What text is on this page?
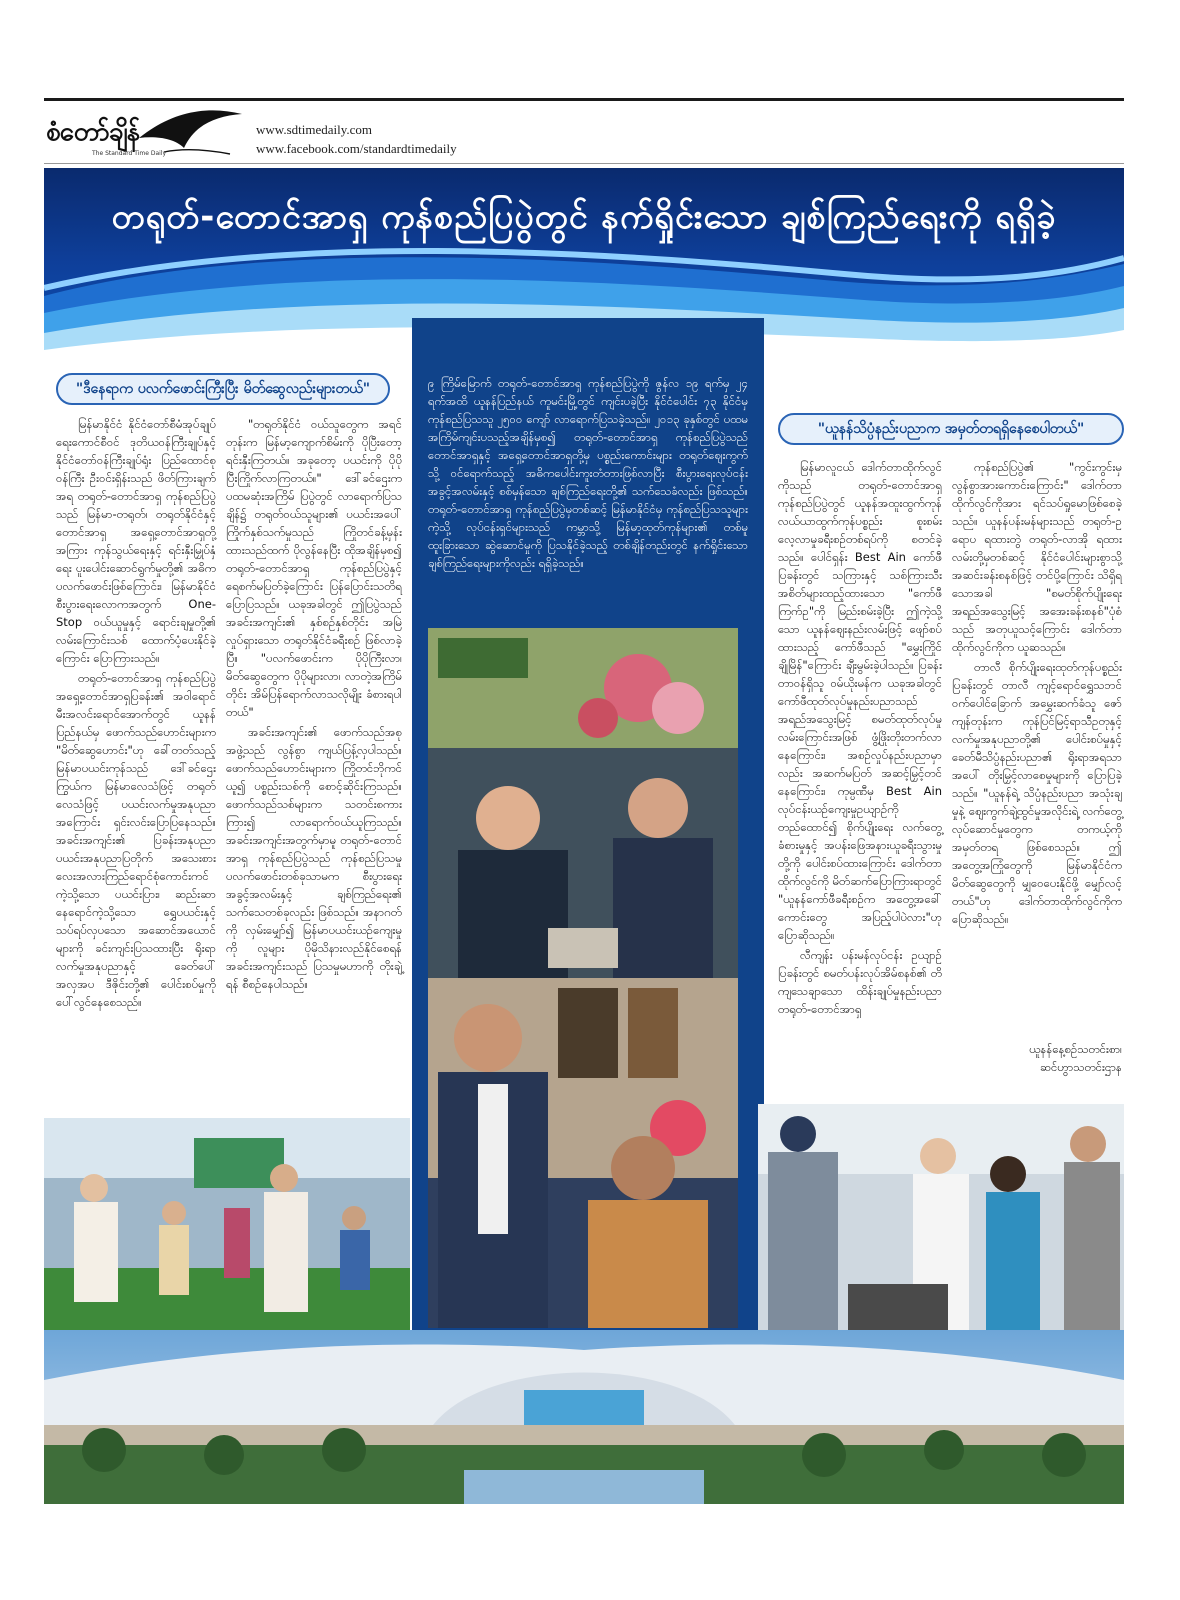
စံတော်ချိန်
The Standard Time Daily
www.sdtimedaily.com
www.facebook.com/standardtimedaily
တရုတ်-တောင်အာရှ ကုန်စည်ပြပွဲတွင် နက်ရှိုင်းသော ချစ်ကြည်ရေးကို ရရှိခဲ့
၉ ကြိမ်မြောက် တရုတ်-တောင်အာရှ ကုန်စည်ပြပွဲကို ဇွန်လ ၁၉ ရက်မှ ၂၄ ရက်အထိ ယူနန်ပြည်နယ် ကူမင်းမြို့တွင် ကျင်းပခဲ့ပြီး နိုင်ငံပေါင်း ၇၃ နိုင်ငံမှ ကုန်စည်ပြသသူ ၂၅၀၀ ကျော် လာရောက်ပြသခဲ့သည်။ ၂၀၁၃ ခုနှစ်တွင် ပထမအကြိမ်ကျင်းပသည့်အချိန်မှစ၍ တရုတ်-တောင်အာရှ ကုန်စည်ပြပွဲသည် တောင်အာရှနှင့် အရှေ့တောင်အာရှတို့မှ ပစ္စည်းကောင်းများ တရုတ်ဈေးကွက်သို့ ဝင်ရောက်သည့် အဓိကပေါင်းကူးတံတားဖြစ်လာပြီး စီးပွားရေးလုပ်ငန်း အခွင့်အလမ်းနှင့် စစ်မှန်သော ချစ်ကြည်ရေးတို့၏ သက်သေခံလည်း ဖြစ်သည်။ တရုတ်-တောင်အာရှ ကုန်စည်ပြပွဲမှတစ်ဆင့် မြန်မာနိုင်ငံမှ ကုန်စည်ပြသသူများကဲ့သို့ လုပ်ငန်းရှင်များသည် ကမ္ဘာသို့ မြန်မာ့ထုတ်ကုန်များ၏ တစ်မူထူးခြားသော ဆွဲဆောင်မှုကို ပြသနိုင်ခဲ့သည့် တစ်ချိန်တည်းတွင် နက်ရှိုင်းသော ချစ်ကြည်ရေးများကိုလည်း ရရှိခဲ့သည်။
"ဒီနေရာက ပလက်ဖောင်းကြီးပြီး မိတ်ဆွေလည်းများတယ်"
"ယူနန်သိပ္ပံနည်းပညာက အမှတ်တရရှိနေစေပါတယ်"

မြန်မာနိုင်ငံ နိုင်ငံတော်စီမံအုပ်ချုပ်ရေးကောင်စီဝင် ဒုတိယဝန်ကြီးချုပ်နှင့် နိုင်ငံတော်ဝန်ကြီးချုပ်ရုံး ပြည်ထောင်စုဝန်ကြီး ဦးဝင်းရှိန်းသည် ဖိတ်ကြားချက်အရ တရုတ်-တောင်အာရှ ကုန်စည်ပြပွဲသည် မြန်မာ-တရုတ်၊ တရုတ်နိုင်ငံနှင့် တောင်အာရှ အရှေ့တောင်အာရှတို့အကြား ကုန်သွယ်ရေးနှင့် ရင်းနှီးမြှုပ်နှံရေး ပူးပေါင်းဆောင်ရွက်မှုတို့၏ အဓိကပလက်ဖောင်းဖြစ်ကြောင်း၊ မြန်မာနိုင်ငံ စီးပွားရေးလောကအတွက် One-Stop ဝယ်ယူမှုနှင့် ရောင်းချမှုတို့၏ လမ်းကြောင်းသစ် ထောက်ပံ့ပေးနိုင်ခဲ့ကြောင်း ပြောကြားသည်။

တရုတ်-တောင်အာရှ ကုန်စည်ပြပွဲ အရှေ့တောင်အာရှပြခန်း၏ အဝါရောင်မီးအလင်းရောင်အောက်တွင် ယူနန်ပြည်နယ်မှ ဖောက်သည်ဟောင်းများက "မိတ်ဆွေဟောင်း"ဟု ခေါ်တတ်သည့် မြန်မာပယင်းကုန်သည် ဒေါ်ခင်ဌေးကြွယ်က မြန်မာလေသံဖြင့် တရုတ်လေသံဖြင့် ပယင်းလက်မှုအနုပညာအကြောင်း ရှင်းလင်းပြောပြနေသည်။ အခင်းအကျင်း၏ ပြခန်းအနုပညာ ပယင်းအနုပညာပြတိုက် အသေးစားလေးအလားကြည်ရောင်စုံကောင်းကင်ကဲ့သို့သော ပယင်းပြား၊ ဆည်းဆာနေရောင်ကဲ့သို့သော ရွှေပယင်းနှင့် သပ်ရပ်လှပသော အဆောင်အယောင်များကို ခင်းကျင်းပြသထားပြီး ရိုးရာလက်မှုအနုပညာနှင့် ခေတ်ပေါ်အလှအပ ဒီဇိုင်းတို့၏ ပေါင်းစပ်မှုကို ပေါ်လွင်နေစေသည်။

"တရုတ်နိုင်ငံ ဝယ်သူတွေက အရင်တုန်းက မြန်မာ့ကျောက်စိမ်းကို ပိုပြီးတော့ ရင်းနှီးကြတယ်။ အခုတော့ ပယင်းကို ပိုပိုပြီးကြိုက်လာကြတယ်။" ဒေါ်ခင်ဌေးက ပထမဆုံးအကြိမ် ပြပွဲတွင် လာရောက်ပြသချိန်၌ တရုတ်ဝယ်သူများ၏ ပယင်းအပေါ် ကြိုက်နှစ်သက်မှုသည် ကြိုတင်ခန့်မှန်းထားသည်ထက် ပိုလွန်နေပြီး ထိုအချိန်မှစ၍ တရုတ်-တောင်အာရှ ကုန်စည်ပြပွဲနှင့် ရေစက်မပြတ်ခဲ့ကြောင်း ပြန်ပြောင်းသတိရ ပြောပြသည်။ ယခုအခါတွင် ဤပြပွဲသည် အခင်းအကျင်း၏ နှစ်စဉ်နှစ်တိုင်း အမြဲလှုပ်ရှားသော တရုတ်နိုင်ငံခရီးစဉ် ဖြစ်လာခဲ့ပြီ။ "ပလက်ဖောင်းက ပိုပိုကြီးလာ၊ မိတ်ဆွေတွေက ပိုပိုများလာ၊ လာတဲ့အကြိမ်တိုင်း အိမ်ပြန်ရောက်လာသလိုမျိုး ခံစားရပါတယ်"

အခင်းအကျင်း၏ ဖောက်သည်အစုအဖွဲ့သည် လွန်စွာ ကျယ်ပြန့်လှပါသည်။ ဖောက်သည်ဟောင်းများက ကြိုတင်ဘိုကင်ယူ၍ ပစ္စည်းသစ်ကို စောင့်ဆိုင်းကြသည်။ ဖောက်သည်သစ်များက သတင်းစကားကြား၍ လာရောက်ဝယ်ယူကြသည်။ အခင်းအကျင်းအတွက်မှာမူ တရုတ်-တောင်အာရှ ကုန်စည်ပြပွဲသည် ကုန်စည်ပြသမှု ပလက်ဖောင်းတစ်ခုသာမက စီးပွားရေးအခွင့်အလမ်းနှင့် ချစ်ကြည်ရေး၏ သက်သေတစ်ခုလည်း ဖြစ်သည်။ အနာဂတ်ကို လှမ်းမျှော်၍ မြန်မာပယင်းယဉ်ကျေးမှုကို လူများ ပိုမိုသိနားလည်နိုင်စေရန် အခင်းအကျင်းသည် ပြသမှုမဟာကို တိုးချဲ့ရန် စီစဉ်နေပါသည်။

မြန်မာလူငယ် ဒေါက်တာထိုက်လွင်ကိုသည် တရုတ်-တောင်အာရှ ကုန်စည်ပြပွဲတွင် ယူနန်အထူးထွက်ကုန် လယ်ယာထွက်ကုန်ပစ္စည်း စူးစမ်းလေ့လာမှုခရီးစဉ်တစ်ရပ်ကို စတင်ခဲ့သည်။ ပေါင်ရှန်း Best Ain ကော်ဖီ ပြခန်းတွင် သကြားနှင့် သစ်ကြားသီး အစိတ်များထည့်ထားသော "ကော်ဖီကြက်ဥ"ကို မြည်းစမ်းခဲ့ပြီး ဤကဲ့သို့သော ယူနန်ဈေးနည်းလမ်းဖြင့် ဖျော်စပ်ထားသည့် ကော်ဖီသည် "မွှေးကြိုင်ချိုမြိန်"ကြောင်း ချီးမွမ်းခဲ့ပါသည်။ ပြခန်းတာဝန်ရှိသူ ဝမ်ယိုးမန်က ယခုအခါတွင် ကော်ဖီထုတ်လုပ်မှုနည်းပညာသည် အရည်အသွေးမြင့် စမတ်ထုတ်လုပ်မှုလမ်းကြောင်းအဖြစ် ဖွံ့ဖြိုးတိုးတက်လာနေကြောင်း၊ အစဉ်လှုပ်နည်းပညာမှာလည်း အဆက်မပြတ် အဆင့်မြှင့်တင်နေကြောင်း၊ ကုမ္ပဏီမှ Best Ain လုပ်ငန်းယဉ်ကျေးမှုဥယျာဉ်ကို တည်ထောင်၍ စိုက်ပျိုးရေး လက်တွေ့ခံစားမှုနှင့် အပန်းဖြေအနားယူခရီးသွားမှုတို့ကို ပေါင်းစပ်ထားကြောင်း ဒေါက်တာထိုက်လွင်ကို မိတ်ဆက်ပြောကြားရာတွင် "ယူနန်ကော်ဖီခရီးစဉ်က အတွေ့အခေါ်ကောင်းတွေ အပြည့်ပါပဲလား"ဟု ပြောဆိုသည်။

လီကျန်း ပန်းမန်လုပ်ငန်း ဥယျာဉ်ပြခန်းတွင် စမတ်ပန်းလုပ်အိမ်စနစ်၏ တိကျသေချာသော ထိန်းချုပ်မှုနည်းပညာ တရုတ်-တောင်အာရှ

ကုန်စည်ပြပွဲ၏ "ကွင်းကွင်းမှ လွန်စွာအားကောင်းကြောင်း" ဒေါက်တာထိုက်လွင်ကိုအား ရင်သပ်ရှုမောဖြစ်စေခဲ့သည်။ ယူနန်ပန်းမန်များသည် တရုတ်-ဥရောပ ရထားတွဲ တရုတ်-လာအို ရထားလမ်းတို့မှတစ်ဆင့် နိုင်ငံပေါင်းများစွာသို့ အဆင်းခန်းစနစ်ဖြင့် တင်ပို့ကြောင်း သိရှိရသောအခါ "စမတ်စိုက်ပျိုးရေးအရည်အသွေးမြင့် အအေးခန်းစနစ်"ပုံစံသည် အတုယူသင့်ကြောင်း ဒေါက်တာထိုက်လွင်ကိုက ယူဆသည်။

တာလီ စိုက်ပျိုးရေးထုတ်ကုန်ပစ္စည်းပြခန်းတွင် တာလီ ကျင့်ရောင်ရွှေသဘင် ဝက်ပေါင်ခြောက် အမွှေးဆက်ခံသူ ဇော်ကျန်တုန်းက ကုန်ပြင်မြင့်ရာသီဥတုနှင့် လက်မှုအနုပညာတို့၏ ပေါင်းစပ်မှုနှင့် ခေတ်မီသိပ္ပံနည်းပညာ၏ ရိုးရာအရသာအပေါ် တိုးမြှင့်လာစေမှုများကို ပြောပြခဲ့သည်။ "ယူနန်ရဲ့ သိပ္ပံနည်းပညာ အသုံးချမှုနဲ့ ဈေးကွက်ချဲ့ထွင်မှုအလိုင်းရဲ့ လက်တွေ့လုပ်ဆောင်မှုတွေက တကယ့်ကို အမှတ်တရ ဖြစ်စေသည်။ ဤအတွေ့အကြုံတွေကို မြန်မာနိုင်ငံက မိတ်ဆွေတွေကို မျှဝေပေးနိုင်ဖို့ မျှော်လင့်တယ်"ဟု ဒေါက်တာထိုက်လွင်ကိုက ပြောဆိုသည်။

ယူနန်နေ့စဉ်သတင်းစာ၊
ဆင်ဟွာသတင်းဌာန
